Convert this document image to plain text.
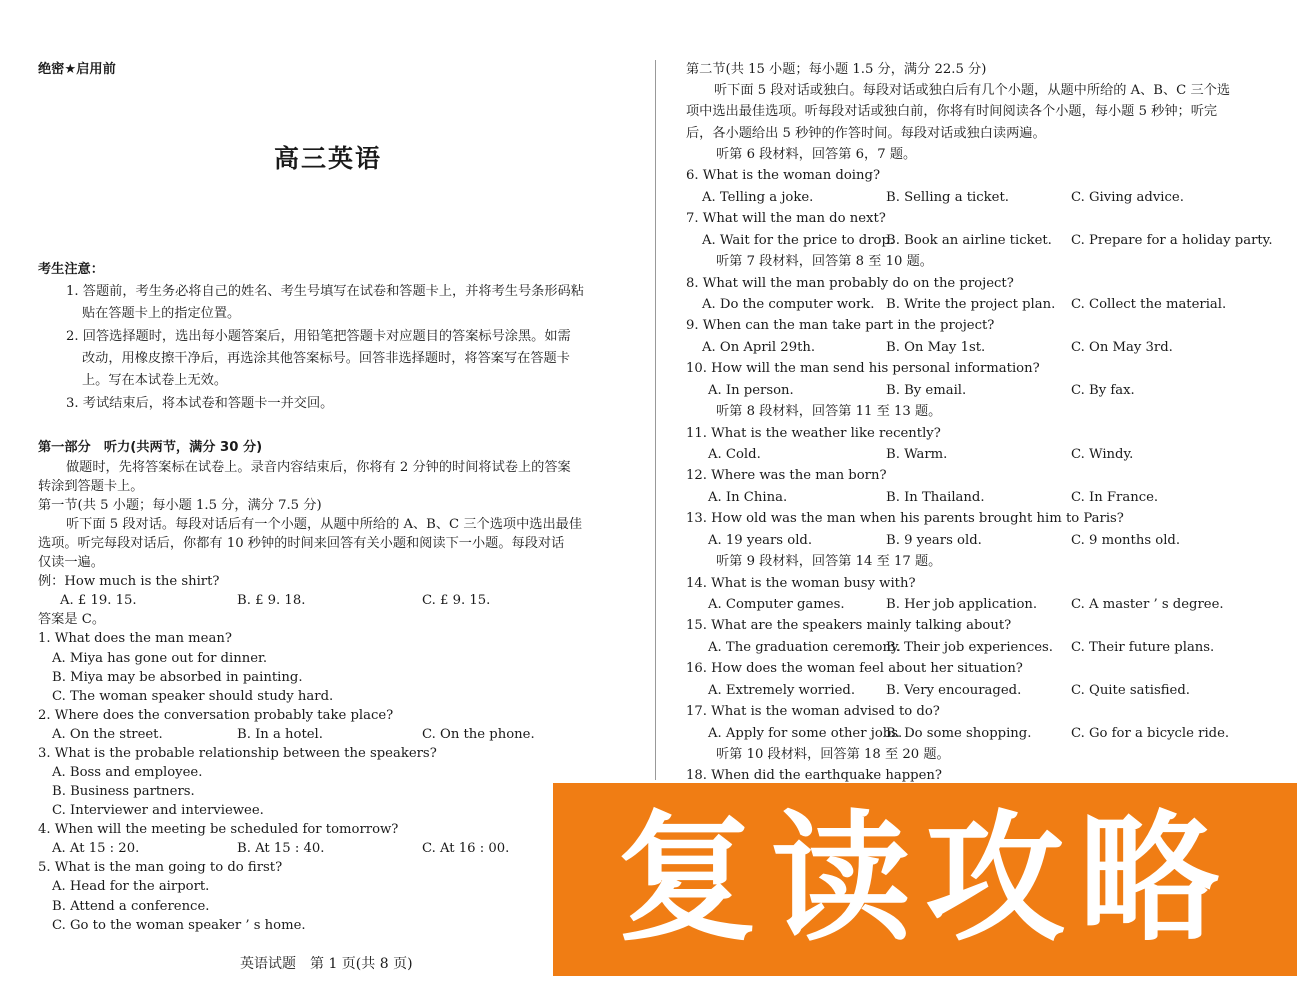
绝密★启用前
高三英语
考生注意：
1. 答题前，考生务必将自己的姓名、考生号填写在试卷和答题卡上，并将考生号条形码粘
贴在答题卡上的指定位置。
2. 回答选择题时，选出每小题答案后，用铅笔把答题卡对应题目的答案标号涂黑。如需
改动，用橡皮擦干净后，再选涂其他答案标号。回答非选择题时，将答案写在答题卡
上。写在本试卷上无效。
3. 考试结束后，将本试卷和答题卡一并交回。
第一部分　听力(共两节，满分 30 分)
做题时，先将答案标在试卷上。录音内容结束后，你将有 2 分钟的时间将试卷上的答案
转涂到答题卡上。
第一节(共 5 小题；每小题 1.5 分，满分 7.5 分)
听下面 5 段对话。每段对话后有一个小题，从题中所给的 A、B、C 三个选项中选出最佳
选项。听完每段对话后，你都有 10 秒钟的时间来回答有关小题和阅读下一小题。每段对话
仅读一遍。
例：How much is the shirt?
A. £ 19. 15.	B. £ 9. 18.	C. £ 9. 15.
答案是 C。
1. What does the man mean?
A. Miya has gone out for dinner.
B. Miya may be absorbed in painting.
C. The woman speaker should study hard.
2. Where does the conversation probably take place?
A. On the street.	B. In a hotel.	C. On the phone.
3. What is the probable relationship between the speakers?
A. Boss and employee.
B. Business partners.
C. Interviewer and interviewee.
4. When will the meeting be scheduled for tomorrow?
A. At 15 : 20.	B. At 15 : 40.	C. At 16 : 00.
5. What is the man going to do first?
A. Head for the airport.
B. Attend a conference.
C. Go to the woman speaker ’ s home.
英语试题　第 1 页(共 8 页)
第二节(共 15 小题；每小题 1.5 分，满分 22.5 分)
听下面 5 段对话或独白。每段对话或独白后有几个小题，从题中所给的 A、B、C 三个选
项中选出最佳选项。听每段对话或独白前，你将有时间阅读各个小题，每小题 5 秒钟；听完
后，各小题给出 5 秒钟的作答时间。每段对话或独白读两遍。
听第 6 段材料，回答第 6，7 题。
6. What is the woman doing?
A. Telling a joke.	B. Selling a ticket.	C. Giving advice.
7. What will the man do next?
A. Wait for the price to drop.
B. Book an airline ticket. C. Prepare for a holiday party.
听第 7 段材料，回答第 8 至 10 题。
8. What will the man probably do on the project?
A. Do the computer work. B. Write the project plan. C. Collect the material.
9. When can the man take part in the project?
A. On April 29th.	B. On May 1st.	C. On May 3rd.
10. How will the man send his personal information?
A. In person.	B. By email.	C. By fax.
听第 8 段材料，回答第 11 至 13 题。
11. What is the weather like recently?
A. Cold.	B. Warm.	C. Windy.
12. Where was the man born?
A. In China.	B. In Thailand.	C. In France.
13. How old was the man when his parents brought him to Paris?
A. 19 years old.	B. 9 years old.	C. 9 months old.
听第 9 段材料，回答第 14 至 17 题。
14. What is the woman busy with?
A. Computer games.	B. Her job application.	C. A master ’ s degree.
15. What are the speakers mainly talking about?
A. The graduation ceremony.
B. Their job experiences. C. Their future plans.
16. How does the woman feel about her situation?
A. Extremely worried. B. Very encouraged.	C. Quite satisfied.
17. What is the woman advised to do?
A. Apply for some other jobs.
B. Do some shopping.	C. Go for a bicycle ride.
听第 10 段材料，回答第 18 至 20 题。
18. When did the earthquake happen?
复读攻略
